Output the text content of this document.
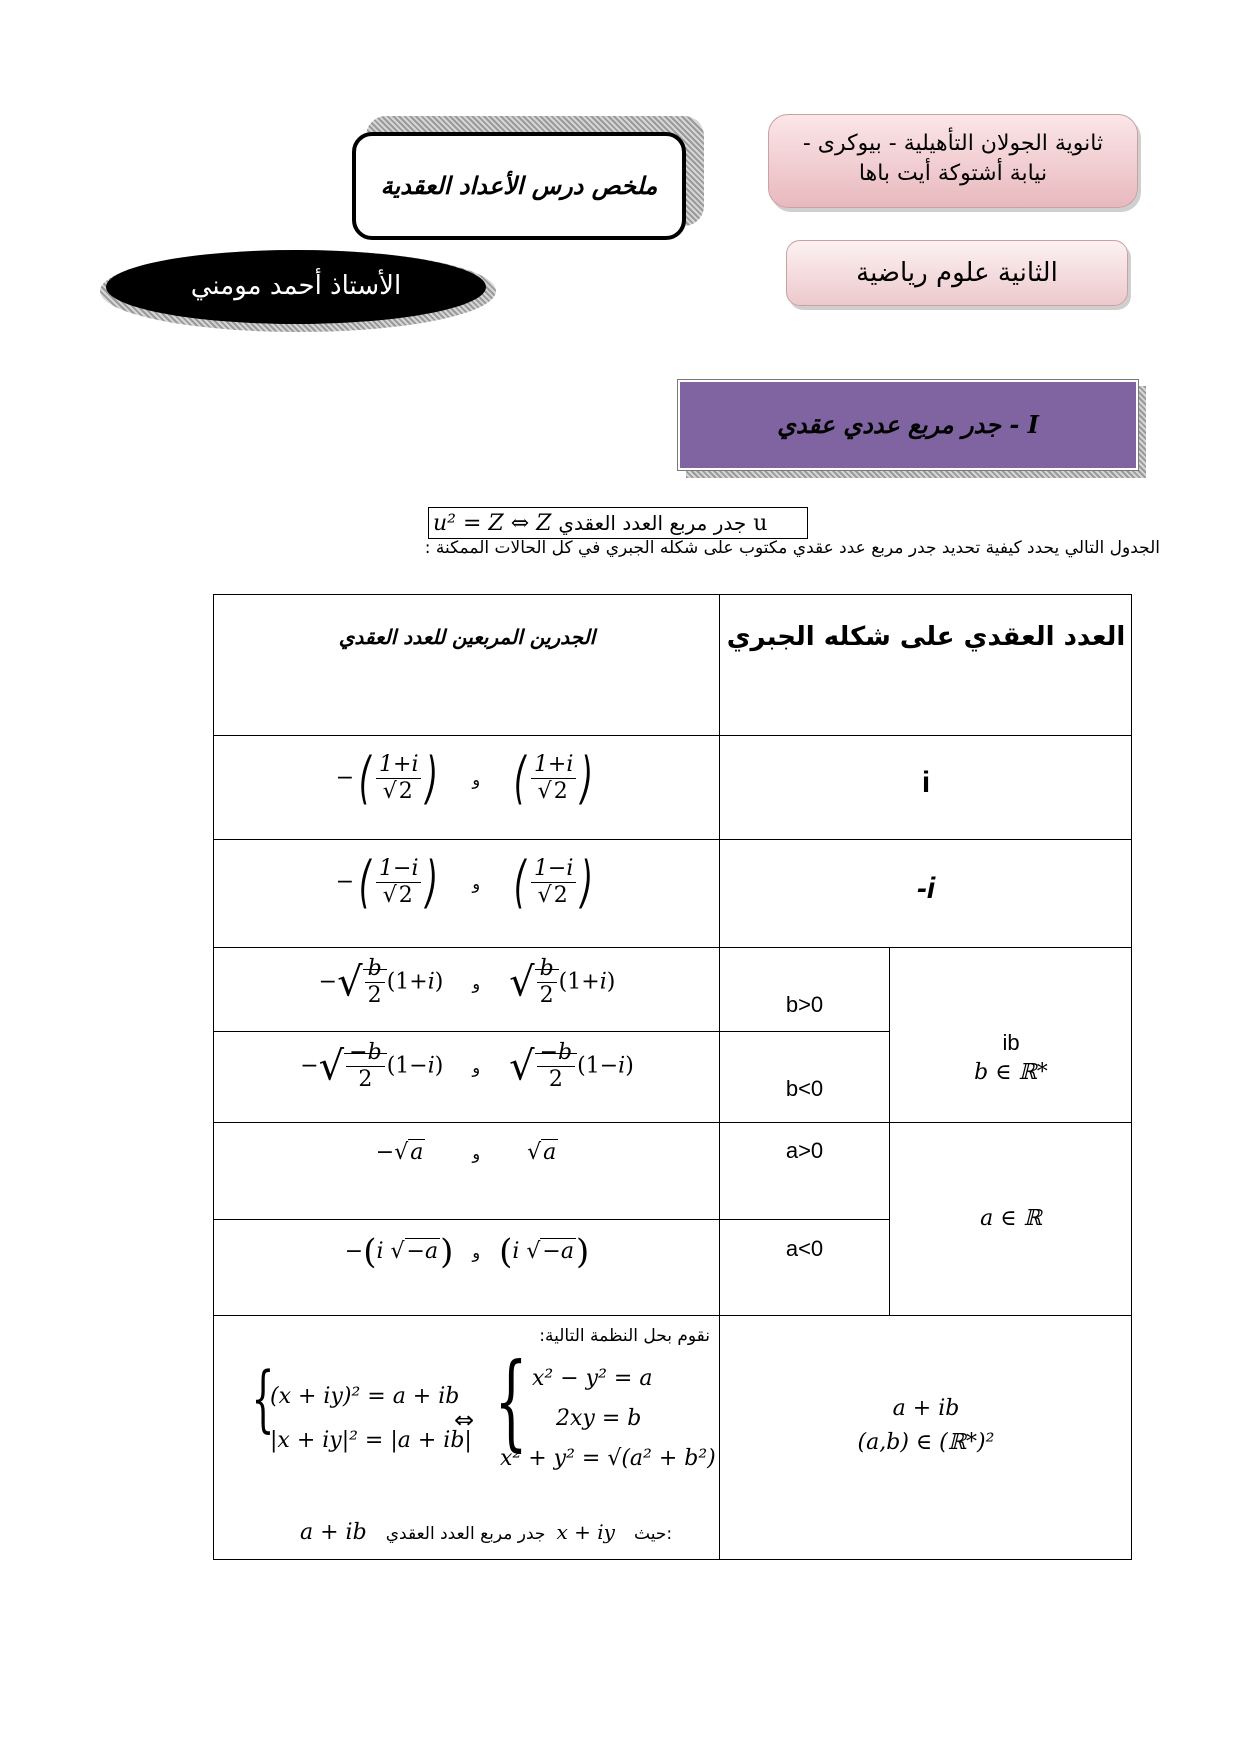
ثانوية الجولان التأهيلية - بيوكرى -
نيابة أشتوكة أيت باها
الثانية علوم رياضية
ملخص درس الأعداد العقدية
الأستاذ أحمد مومني
I - جدر مربع عددي عقدي
u² = Z ⇔ Z جدر مربع العدد العقدي u
الجدول التالي يحدد كيفية تحديد جدر مربع عدد عقدي مكتوب على شكله الجبري في كل الحالات الممكنة :
العدد العقدي على شكله الجبري
الجدرين المربعين للعدد العقدي
i
−( $\frac{1+i}{√2}$ ) و ( $\frac{1+i}{√2}$ )
-i
−( $\frac{1-i}{√2}$ ) و ( $\frac{1-i}{√2}$ )
ib
b ∈ ℝ*
b>0
b<0
−√ $\frac{b}{2} (1+i)$ و √ $\frac{b}{2} (1+i)$
−√ $\frac{-b}{2} (1-i)$ و √ $\frac{-b}{2} (1-i)$
a ∈ ℝ
a>0
a<0
−√a	و √a
−(i √−a) و (i √−a)
a + ib
(a,b) ∈ (ℝ*)²
نقوم بحل النظمة التالية:
{
(x + iy)² = a + ib
|x + iy|² = |a + ib|
⇔ { x² − y² = a
2xy = b
x² + y² = √(a² + b²)
a + ib جدر مربع العدد العقدي x + iy حيث:
